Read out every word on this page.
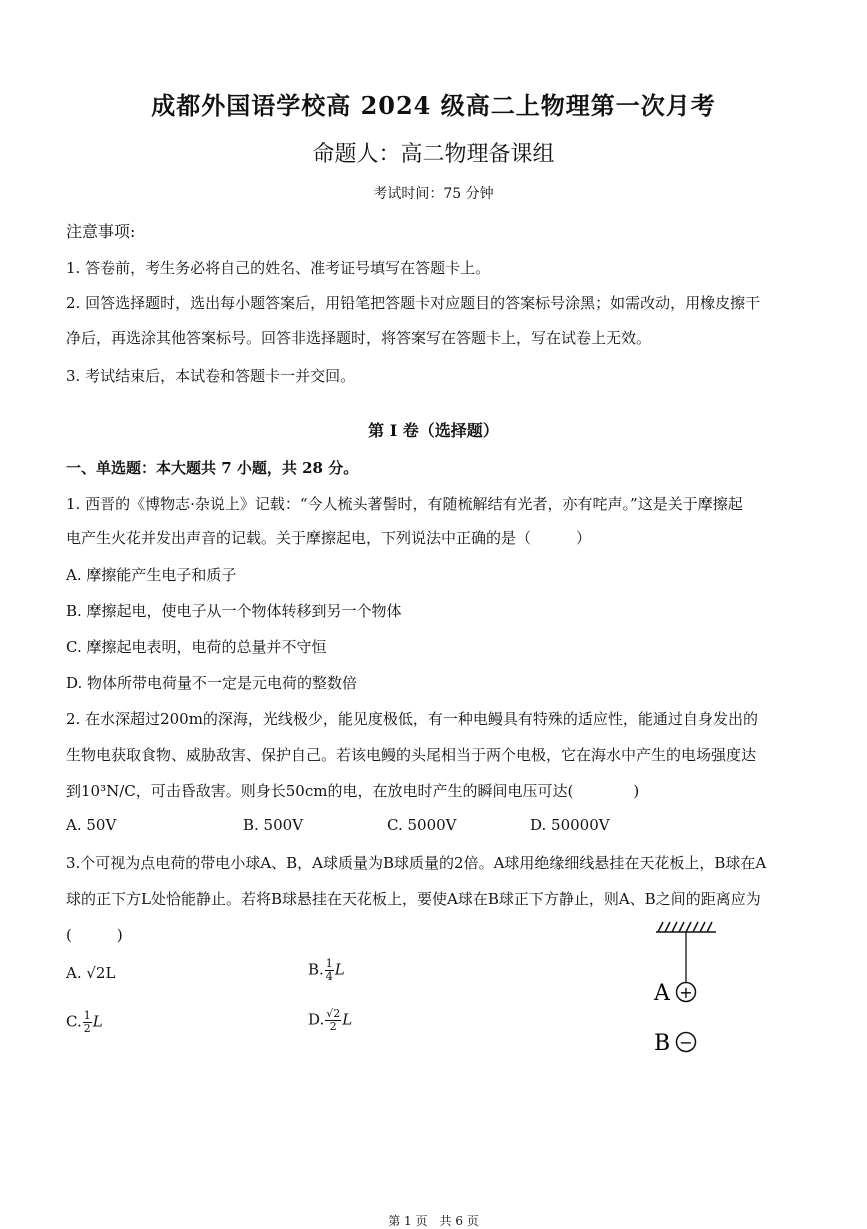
成都外国语学校高 2024 级高二上物理第一次月考
命题人：高二物理备课组
考试时间：75 分钟
注意事项:
1. 答卷前，考生务必将自己的姓名、准考证号填写在答题卡上。
2. 回答选择题时，选出每小题答案后，用铅笔把答题卡对应题目的答案标号涂黑；如需改动，用橡皮擦干
净后，再选涂其他答案标号。回答非选择题时，将答案写在答题卡上，写在试卷上无效。
3. 考试结束后，本试卷和答题卡一并交回。
第 I 卷（选择题）
一、单选题：本大题共 7 小题，共 28 分。
1. 西晋的《博物志·杂说上》记载：“今人梳头著髻时，有随梳解结有光者，亦有咤声。”这是关于摩擦起
电产生火花并发出声音的记载。关于摩擦起电，下列说法中正确的是（　　　）
A. 摩擦能产生电子和质子
B. 摩擦起电，使电子从一个物体转移到另一个物体
C. 摩擦起电表明，电荷的总量并不守恒
D. 物体所带电荷量不一定是元电荷的整数倍
2. 在水深超过200m的深海，光线极少，能见度极低，有一种电鳗具有特殊的适应性，能通过自身发出的
生物电获取食物、威胁敌害、保护自己。若该电鳗的头尾相当于两个电极，它在海水中产生的电场强度达
到10³N/C，可击昏敌害。则身长50cm的电，在放电时产生的瞬间电压可达(　　　　)
A. 50V	B. 500V	C. 5000V	D. 50000V
3.个可视为点电荷的带电小球A、B，A球质量为B球质量的2倍。A球用绝缘细线悬挂在天花板上，B球在A
球的正下方L处恰能静止。若将B球悬挂在天花板上，要使A球在B球正下方静止，则A、B之间的距离应为
(　　　)
A. √2L	B. $\frac{1}{4}$ L
C. $\frac{1}{2}$ L	D. $\frac{√2}{2}$ L
A +
B −
第 1 页　共 6 页
